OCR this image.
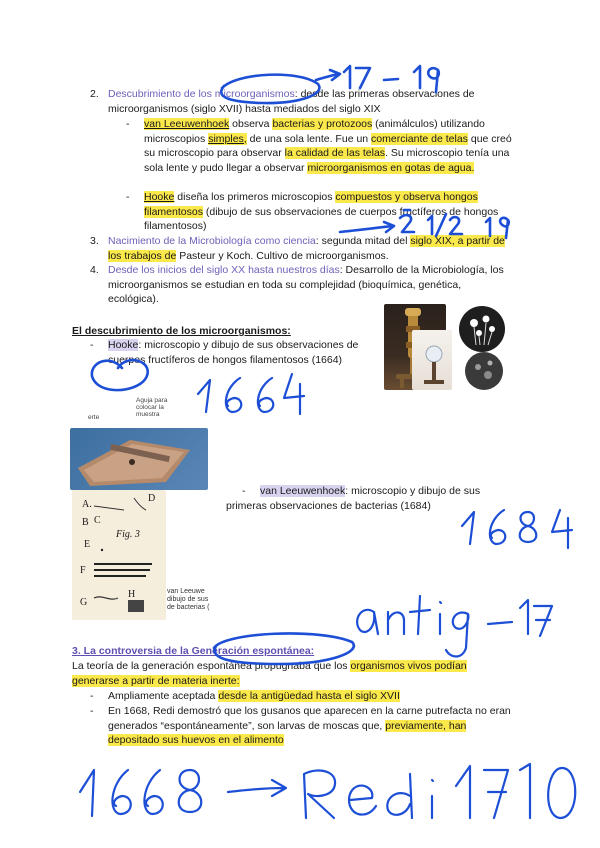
2. Descubrimiento de los microorganismos: desde las primeras observaciones de microorganismos (siglo XVII) hasta mediados del siglo XIX

- van Leeuwenhoek observa bacterias y protozoos (animálculos) utilizando microscopios simples, de una sola lente. Fue un comerciante de telas que creó su microscopio para observar la calidad de las telas. Su microscopio tenía una sola lente y pudo llegar a observar microorganismos en gotas de agua.

- Hooke diseña los primeros microscopios compuestos y observa hongos filamentosos (dibujo de sus observaciones de cuerpos fructíferos de hongos filamentosos)

3. Nacimiento de la Microbiología como ciencia: segunda mitad del siglo XIX, a partir de los trabajos de Pasteur y Koch. Cultivo de microorganismos.

4. Desde los inicios del siglo XX hasta nuestros días: Desarrollo de la Microbiología, los microorganismos se estudian en toda su complejidad (bioquímica, genética, ecológica).

El descubrimiento de los microorganismos:
- Hooke: microscopio y dibujo de sus observaciones de cuerpos fructíferos de hongos filamentosos (1664)

Aguja para colocar la muestra
erte
-	van Leeuwenhoek: microscopio y dibujo de sus primeras observaciones de bacterias (1684)

A.
D
B C
Fig. 3
E
F
G
H	van Leeuwe dibujo de sus de bacterias (
3. La controversia de la Generación espontánea:

La teoría de la generación espontánea propugnaba que los organismos vivos podían generarse a partir de materia inerte:

- Ampliamente aceptada desde la antigüedad hasta el siglo XVII

- En 1668, Redi demostró que los gusanos que aparecen en la carne putrefacta no eran generados “espontáneamente”, son larvas de moscas que, previamente, han depositado sus huevos en el alimento
